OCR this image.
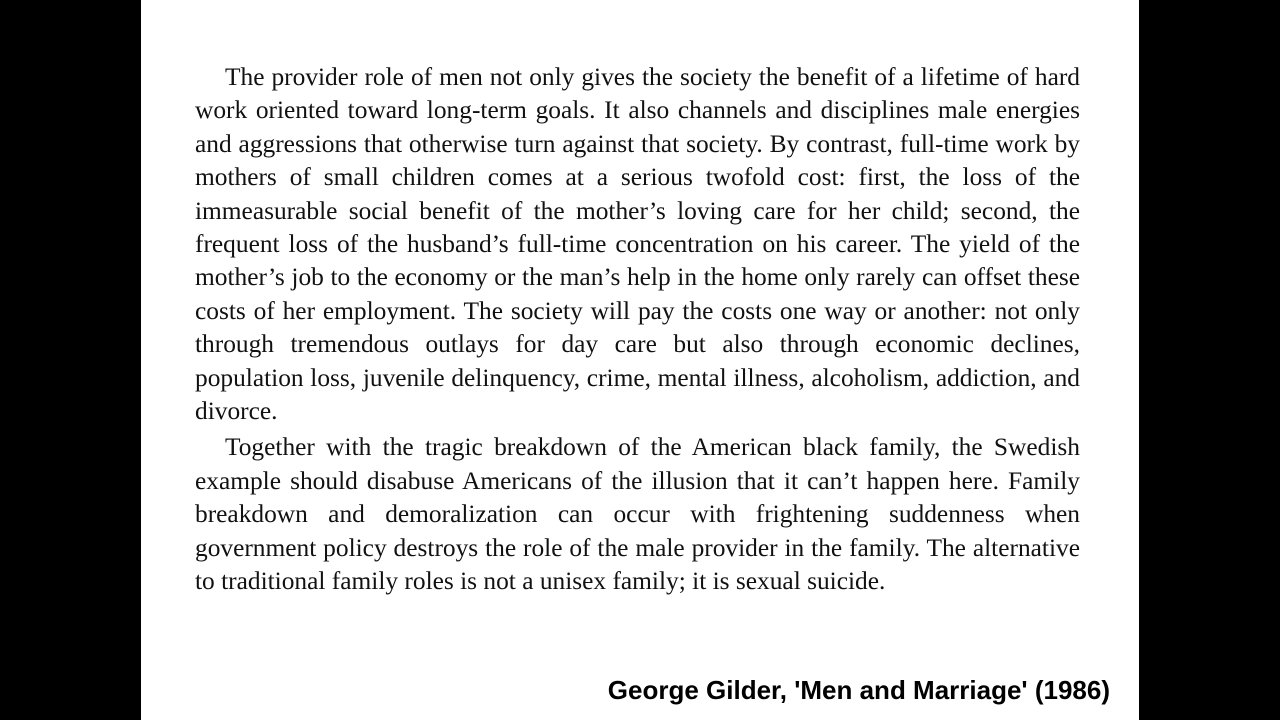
The provider role of men not only gives the society the benefit of a lifetime of hard work oriented toward long-term goals. It also channels and disciplines male energies and aggressions that otherwise turn against that society. By contrast, full-time work by mothers of small children comes at a serious twofold cost: first, the loss of the immeasurable social benefit of the mother’s loving care for her child; second, the frequent loss of the husband’s full-time concentration on his career. The yield of the mother’s job to the economy or the man’s help in the home only rarely can offset these costs of her employment. The society will pay the costs one way or another: not only through tremendous outlays for day care but also through economic declines, population loss, juvenile delinquency, crime, mental illness, alcoholism, addiction, and divorce.

Together with the tragic breakdown of the American black family, the Swedish example should disabuse Americans of the illusion that it can’t happen here. Family breakdown and demoralization can occur with frightening suddenness when government policy destroys the role of the male provider in the family. The alternative to traditional family roles is not a unisex family; it is sexual suicide.

George Gilder, 'Men and Marriage' (1986)
